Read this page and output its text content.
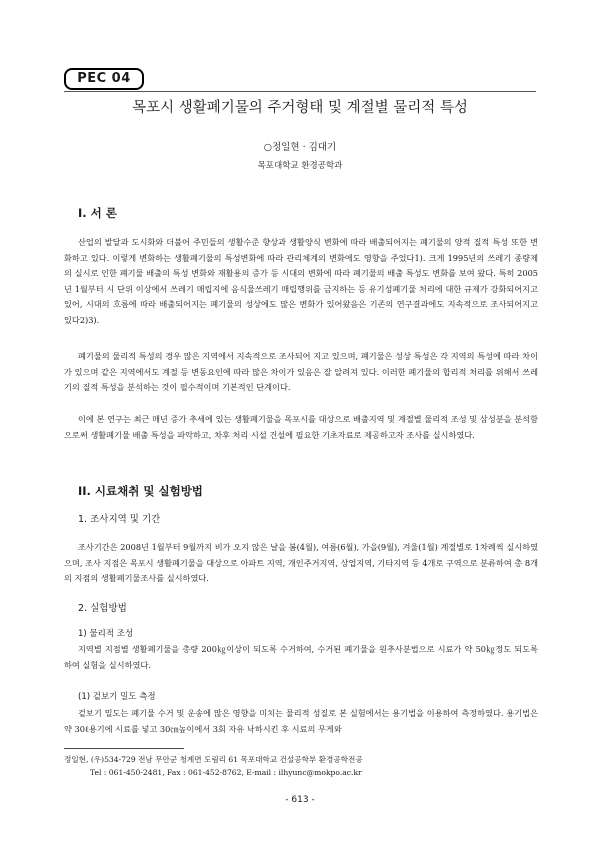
PEC 04
목포시 생활폐기물의 주거형태 및 계절별 물리적 특성
○정일현 · 김대기
목포대학교 환경공학과
I. 서 론
산업의 발달과 도시화와 더불어 주민들의 생활수준 향상과 생활양식 변화에 따라 배출되어지는 폐기물의 양적 질적 특성 또한 변화하고 있다. 이렇게 변화하는 생활폐기물의 특성변화에 따라 관리체계의 변화에도 영향을 주었다1). 크게 1995년의 쓰레기 종량제의 실시로 인한 폐기물 배출의 특성 변화와 재활용의 증가 등 시대의 변화에 따라 폐기물의 배출 특성도 변화를 보여 왔다. 특히 2005년 1월부터 시 단위 이상에서 쓰레기 매립지에 음식물쓰레기 매립행위를 금지하는 등 유기성폐기물 처리에 대한 규제가 강화되어지고 있어, 시대의 흐름에 따라 배출되어지는 폐기물의 성상에도 많은 변화가 있어왔음은 기존의 연구결과에도 지속적으로 조사되어지고 있다2)3).
폐기물의 물리적 특성의 경우 많은 지역에서 지속적으로 조사되어 지고 있으며, 폐기물은 성상 특성은 각 지역의 특성에 따라 차이가 있으며 같은 지역에서도 계절 등 변동요인에 따라 많은 차이가 있음은 잘 알려져 있다. 이러한 폐기물의 합리적 처리를 위해서 쓰레기의 질적 특성을 분석하는 것이 필수적이며 기본적인 단계이다.
이에 본 연구는 최근 매년 증가 추세에 있는 생활폐기물을 목포시를 대상으로 배출지역 및 계절별 물리적 조성 및 삼성분을 분석함으로써 생활폐기물 배출 특성을 파악하고, 차후 처리 시설 건설에 필요한 기초자료로 제공하고자 조사를 실시하였다.
II. 시료채취 및 실험방법
1. 조사지역 및 기간
조사기간은 2008년 1월부터 9월까지 비가 오지 않은 날을 봄(4월), 여름(6월), 가을(9월), 겨울(1월) 계절별로 1차례씩 실시하였으며, 조사 지점은 목포시 생활폐기물을 대상으로 아파트 지역, 개인주거지역, 상업지역, 기타지역 등 4개로 구역으로 분류하여 총 8개의 지점의 생활폐기물조사를 실시하였다.
2. 실험방법
1) 물리적 조성
지역별 지점별 생활폐기물을 총량 200㎏이상이 되도록 수거하여, 수거된 폐기물을 원추사분법으로 시료가 약 50㎏정도 되도록 하여 실험을 실시하였다.
(1) 겉보기 밀도 측정
겉보기 밀도는 폐기물 수거 및 운송에 많은 영향을 미치는 물리적 성질로 본 실험에서는 용기법을 이용하여 측정하였다. 용기법은 약 30ℓ용기에 시료를 넣고 30㎝높이에서 3회 자유 낙하시킨 후 시료의 무게와
정일현, (우)534-729 전남 무안군 청계면 도림리 61 목포대학교 건설공학부 환경공학전공
Tel : 061-450-2481, Fax : 061-452-8762, E-mail : ilhyunc@mokpo.ac.kr
- 613 -
